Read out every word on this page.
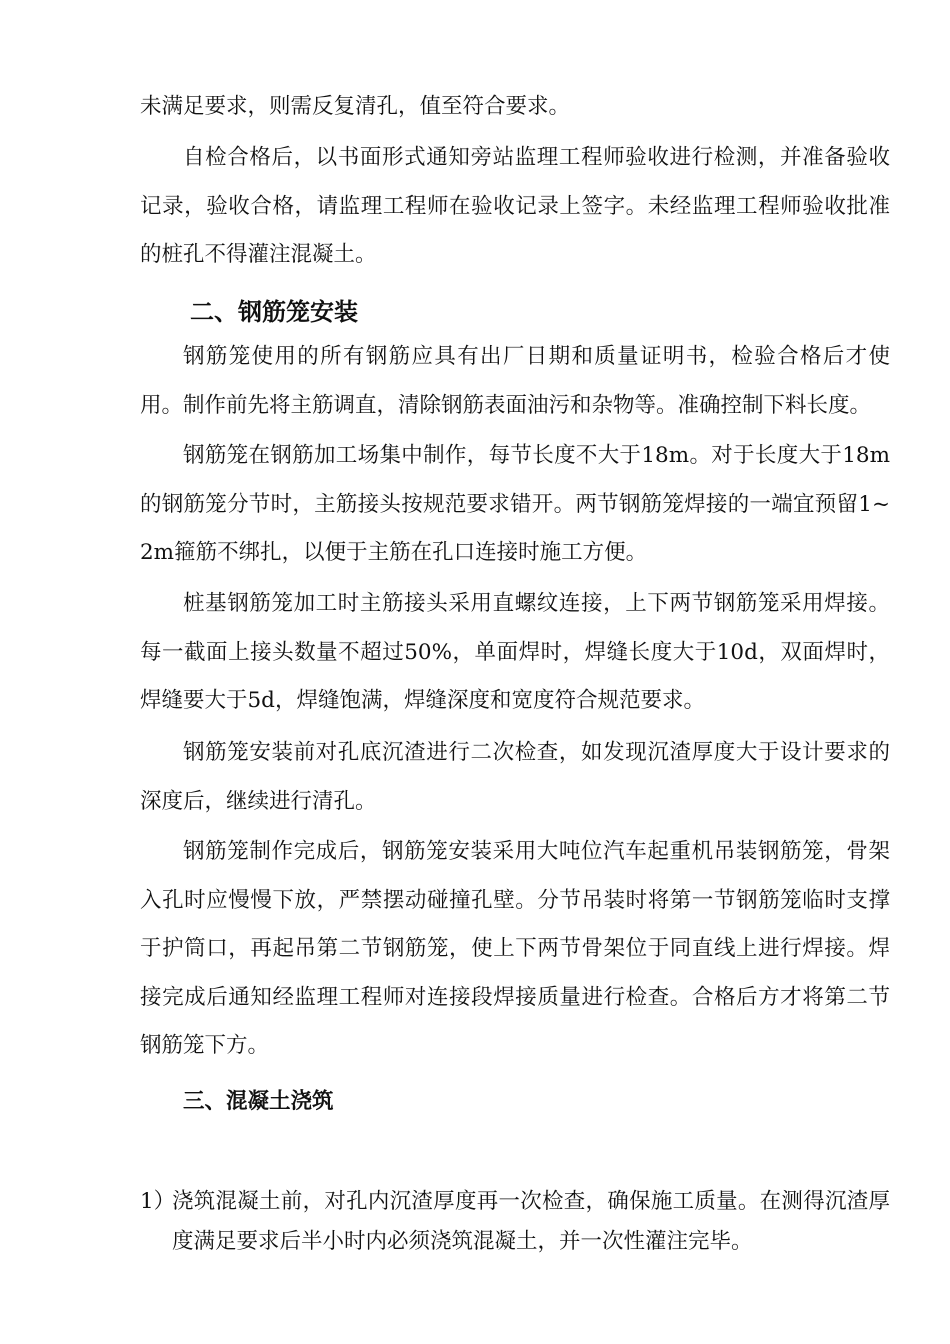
未满足要求，则需反复清孔，值至符合要求。

自检合格后，以书面形式通知旁站监理工程师验收进行检测，并准备验收记录，验收合格，请监理工程师在验收记录上签字。未经监理工程师验收批准的桩孔不得灌注混凝土。

二、钢筋笼安装

钢筋笼使用的所有钢筋应具有出厂日期和质量证明书，检验合格后才使用。制作前先将主筋调直，清除钢筋表面油污和杂物等。准确控制下料长度。

钢筋笼在钢筋加工场集中制作，每节长度不大于18m。对于长度大于18m的钢筋笼分节时，主筋接头按规范要求错开。两节钢筋笼焊接的一端宜预留1~2m箍筋不绑扎，以便于主筋在孔口连接时施工方便。

桩基钢筋笼加工时主筋接头采用直螺纹连接，上下两节钢筋笼采用焊接。每一截面上接头数量不超过50%，单面焊时，焊缝长度大于10d，双面焊时，焊缝要大于5d，焊缝饱满，焊缝深度和宽度符合规范要求。

钢筋笼安装前对孔底沉渣进行二次检查，如发现沉渣厚度大于设计要求的深度后，继续进行清孔。

钢筋笼制作完成后，钢筋笼安装采用大吨位汽车起重机吊装钢筋笼，骨架入孔时应慢慢下放，严禁摆动碰撞孔壁。分节吊装时将第一节钢筋笼临时支撑于护筒口，再起吊第二节钢筋笼，使上下两节骨架位于同直线上进行焊接。焊接完成后通知经监理工程师对连接段焊接质量进行检查。合格后方才将第二节钢筋笼下方。

三、混凝土浇筑
1）
浇筑混凝土前，对孔内沉渣厚度再一次检查，确保施工质量。在测得沉渣厚度满足要求后半小时内必须浇筑混凝土，并一次性灌注完毕。
